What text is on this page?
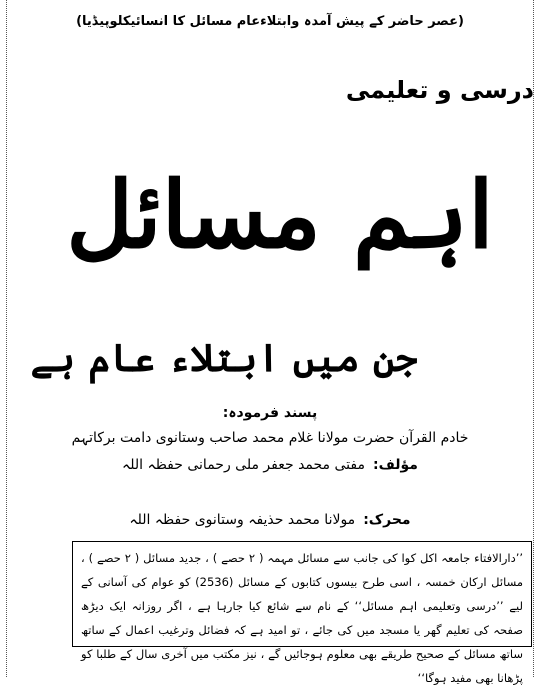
(عصر حاضر کے پیش آمدہ وابتلاءعام مسائل کا انسائیکلوپیڈیا)
درسی و تعلیمی
اہم مسائل
جن میں ابتلاء عام ہے
پسند فرمودہ:
خادم القرآن حضرت مولانا غلام محمد صاحب وستانوی دامت برکاتہم
مؤلف:
مفتی محمد جعفر ملی رحمانی حفظہ اللہ
محرک:
مولانا محمد حذیفہ وستانوی حفظہ اللہ
’’دارالافتاء جامعہ اکل کوا کی جانب سے مسائل مہمہ ( ۲ حصے ) ، جدید مسائل ( ۲ حصے ) ، مسائل ارکان خمسہ ، اسی طرح بیسوں کتابوں کے مسائل (2536) کو عوام کی آسانی کے لیے ’’درسی وتعلیمی اہم مسائل‘‘ کے نام سے شائع کیا جارہا ہے ، اگر روزانہ ایک دیڑھ صفحہ کی تعلیم گھر یا مسجد میں کی جائے ، تو امید ہے کہ فضائل وترغیب اعمال کے ساتھ ساتھ مسائل کے صحیح طریقے بھی معلوم ہوجائیں گے ، نیز مکتب میں آخری سال کے طلبا کو پڑھانا بھی مفید ہوگا‘‘
